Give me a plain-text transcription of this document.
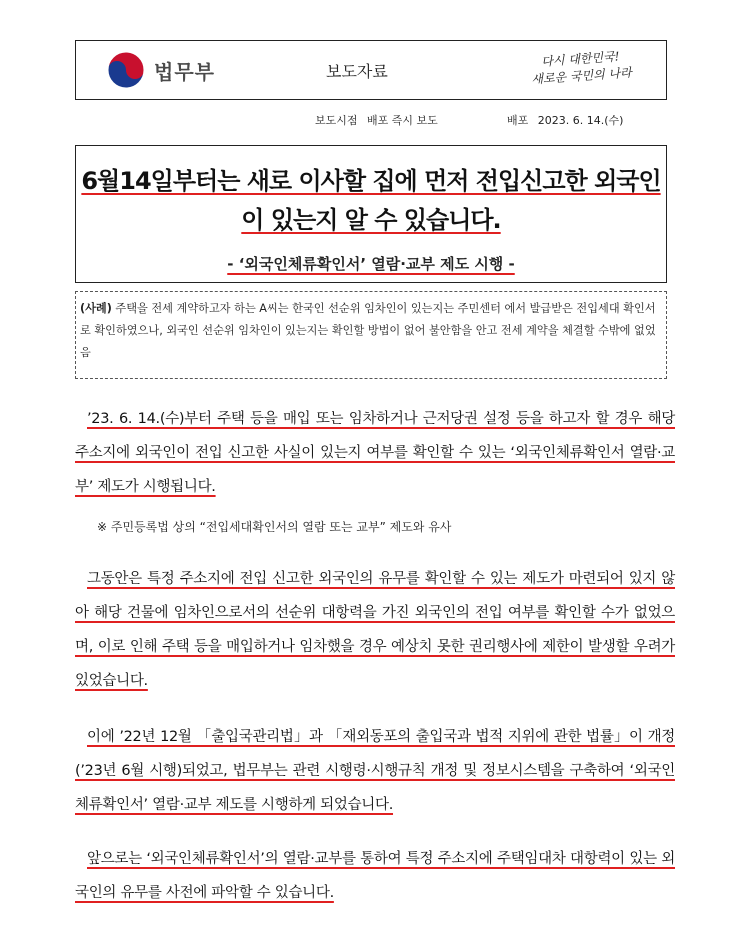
법무부	보도자료
다시 대한민국!
새로운 국민의 나라
보도시점 배포 즉시 보도	배포 2023. 6. 14.(수)
6월14일부터는 새로 이사할 집에 먼저 전입신고한 외국인
이 있는지 알 수 있습니다.
- ‘외국인체류확인서’ 열람·교부 제도 시행 -
(사례) 주택을 전세 계약하고자 하는 A씨는 한국인 선순위 임차인이 있는지는 주민센터 에서 발급받은 전입세대 확인서로 확인하였으나, 외국인 선순위 임차인이 있는지는 확인할 방법이 없어 불안함을 안고 전세 계약을 체결할 수밖에 없었음
’23. 6. 14.(수)부터 주택 등을 매입 또는 임차하거나 근저당권 설정 등을 하고자 할 경우 해당 주소지에 외국인이 전입 신고한 사실이 있는지 여부를 확인할 수 있는 ‘외국인체류확인서 열람·교부’ 제도가 시행됩니다.
※ 주민등록법 상의 “전입세대확인서의 열람 또는 교부” 제도와 유사
그동안은 특정 주소지에 전입 신고한 외국인의 유무를 확인할 수 있는 제도가 마련되어 있지 않아 해당 건물에 임차인으로서의 선순위 대항력을 가진 외국인의 전입 여부를 확인할 수가 없었으며, 이로 인해 주택 등을 매입하거나 임차했을 경우 예상치 못한 권리행사에 제한이 발생할 우려가 있었습니다.
이에 ’22년 12월 「출입국관리법」과 「재외동포의 출입국과 법적 지위에 관한 법률」이 개정(’23년 6월 시행)되었고, 법무부는 관련 시행령·시행규칙 개정 및 정보시스템을 구축하여 ‘외국인체류확인서’ 열람·교부 제도를 시행하게 되었습니다.
앞으로는 ‘외국인체류확인서’의 열람·교부를 통하여 특정 주소지에 주택임대차 대항력이 있는 외국인의 유무를 사전에 파악할 수 있습니다.
